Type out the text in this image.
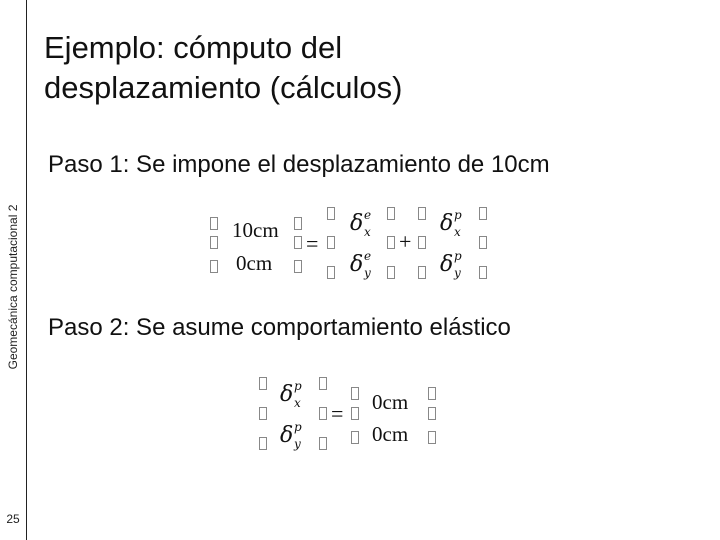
Geomecánica computacional 2
25
Ejemplo: cómputo del
desplazamiento (cálculos)

Paso 1: Se impone el desplazamiento de 10cm

10cm
0cm
=
δ e
x
δ e
y
+
δ p
x
δ p
y

Paso 2: Se asume comportamiento elástico

δ p
x
δ p
y
= 0cm
0cm
